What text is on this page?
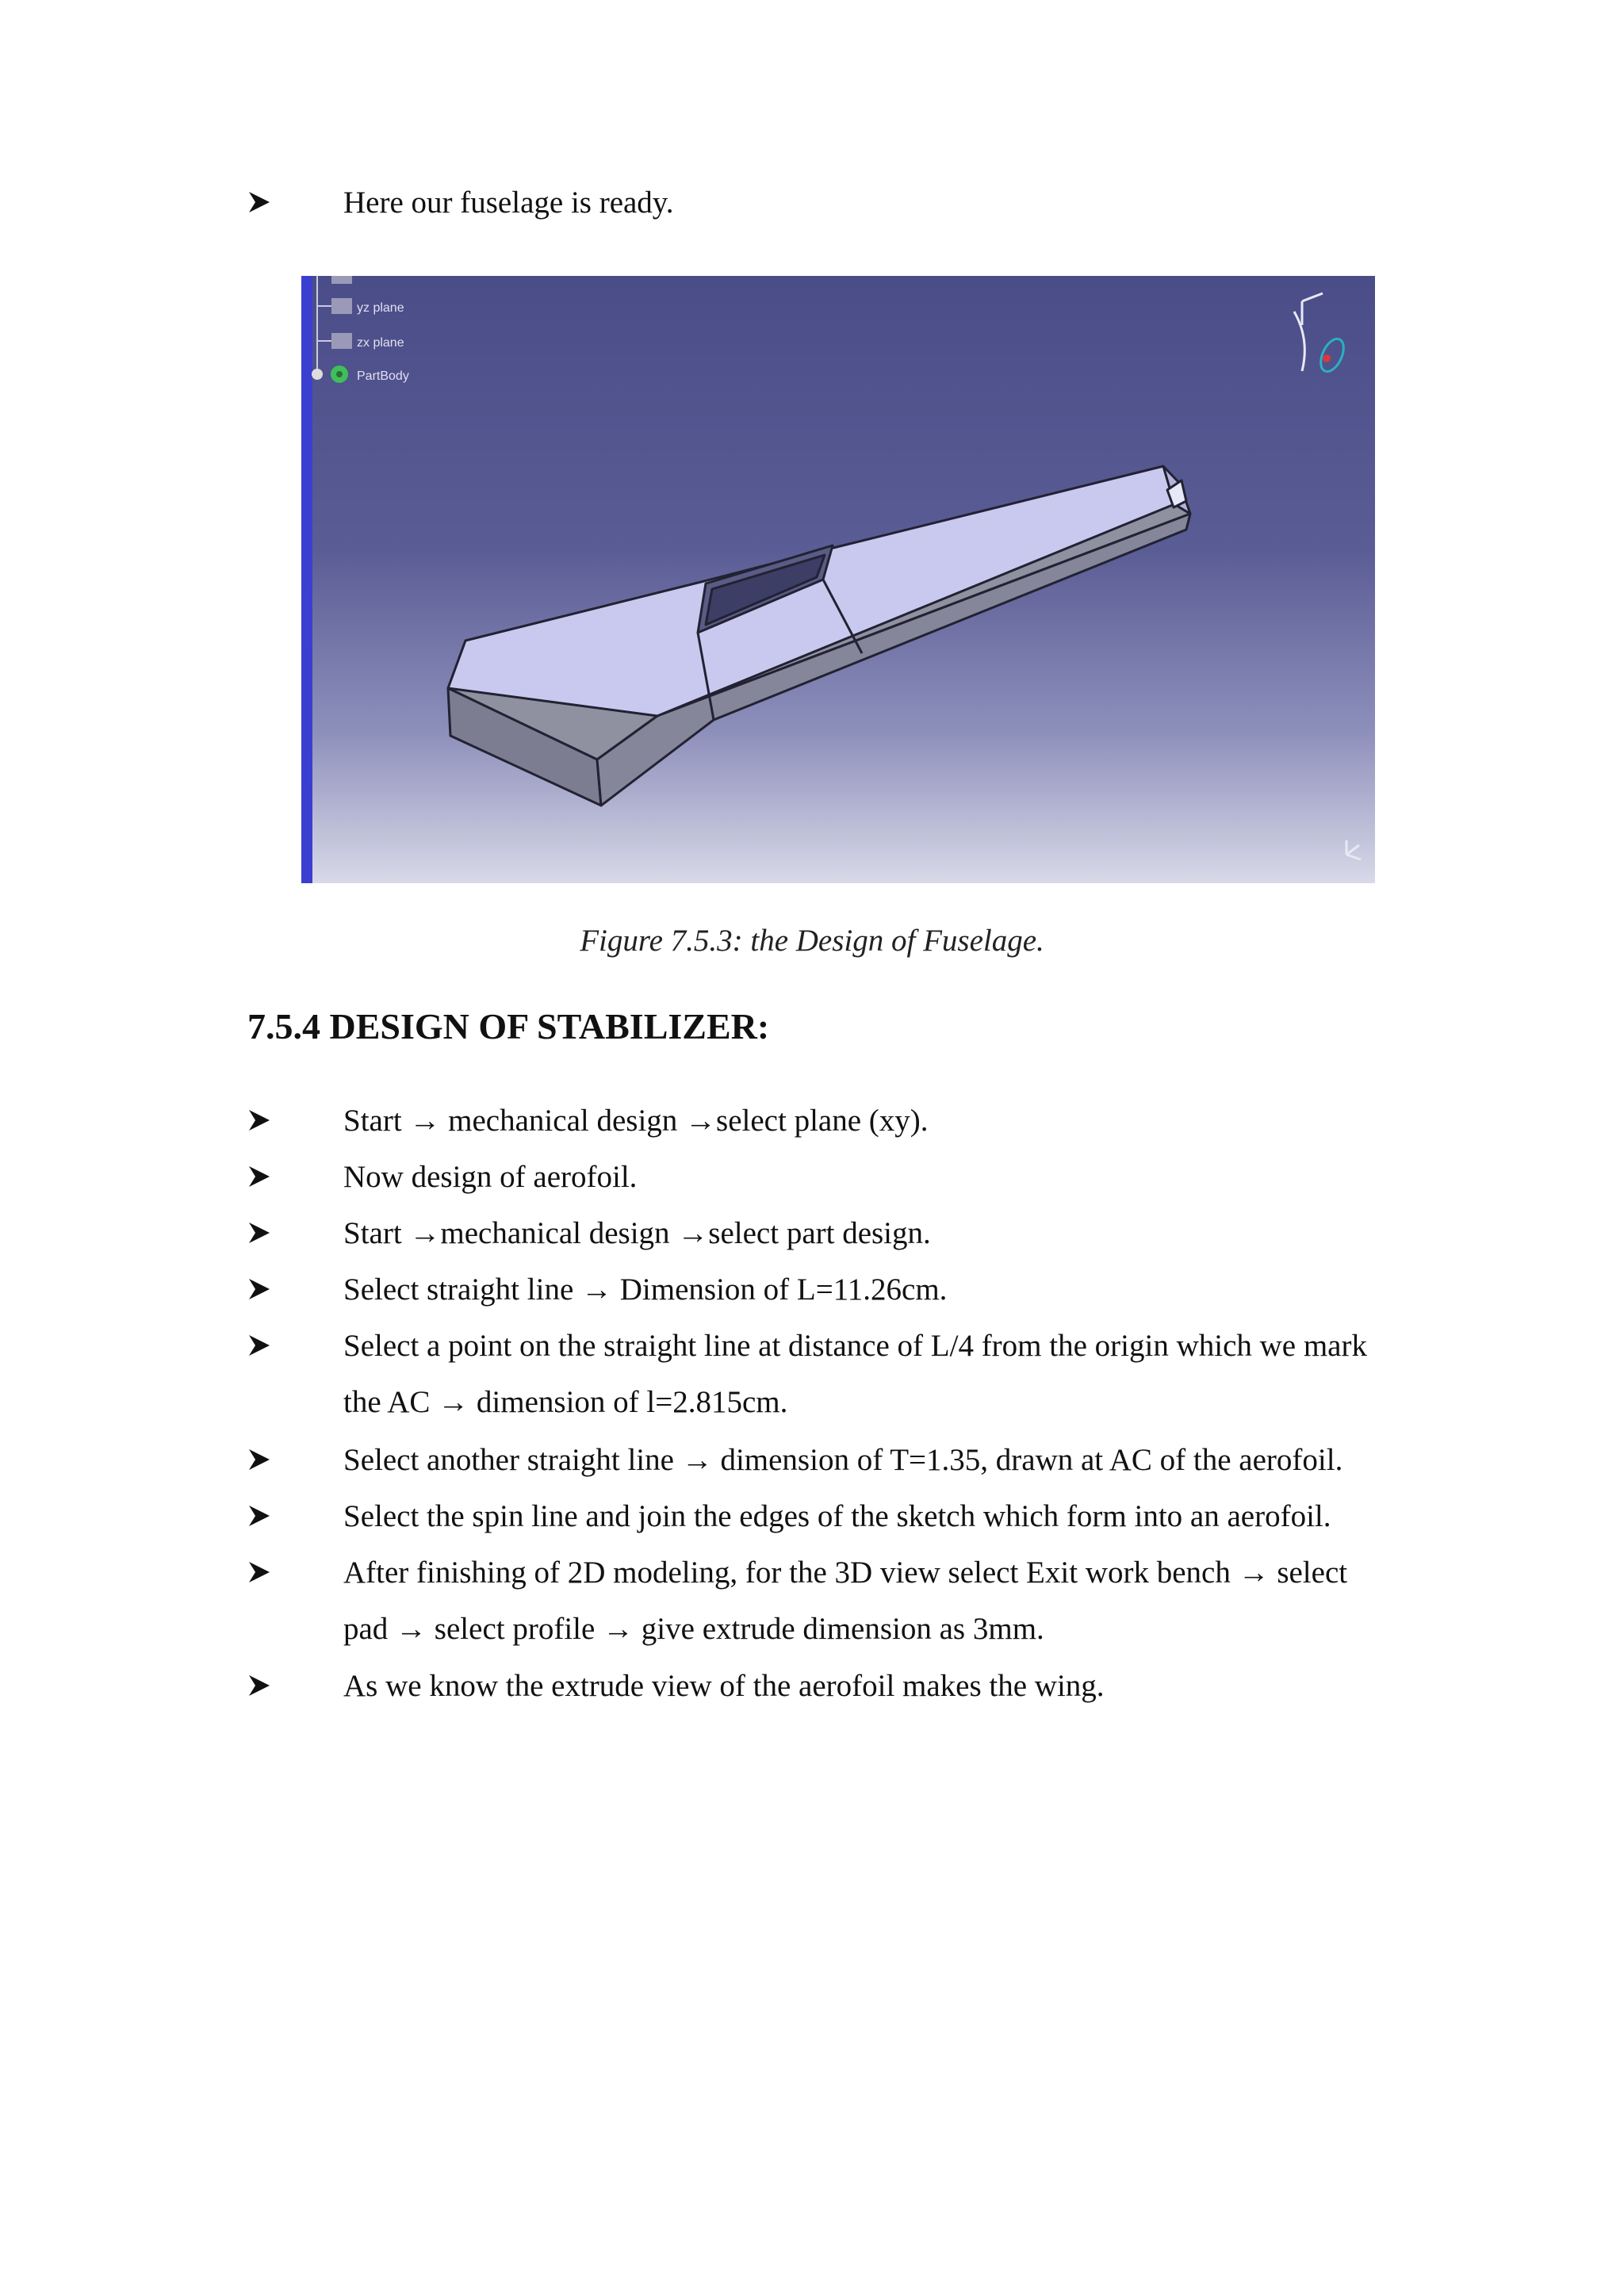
Here our fuselage is ready.
yz plane
zx plane
PartBody
Figure 7.5.3: the Design of Fuselage.
7.5.4 DESIGN OF STABILIZER:
Start → mechanical design →select plane (xy).
Now design of aerofoil.
Start →mechanical design →select part design.
Select straight line → Dimension of L=11.26cm.
Select a point on the straight line at distance of L/4 from the origin which we mark
the AC → dimension of l=2.815cm.
Select another straight line → dimension of T=1.35, drawn at AC of the aerofoil.
Select the spin line and join the edges of the sketch which form into an aerofoil.
After finishing of 2D modeling, for the 3D view select Exit work bench → select
pad → select profile → give extrude dimension as 3mm.
As we know the extrude view of the aerofoil makes the wing.
